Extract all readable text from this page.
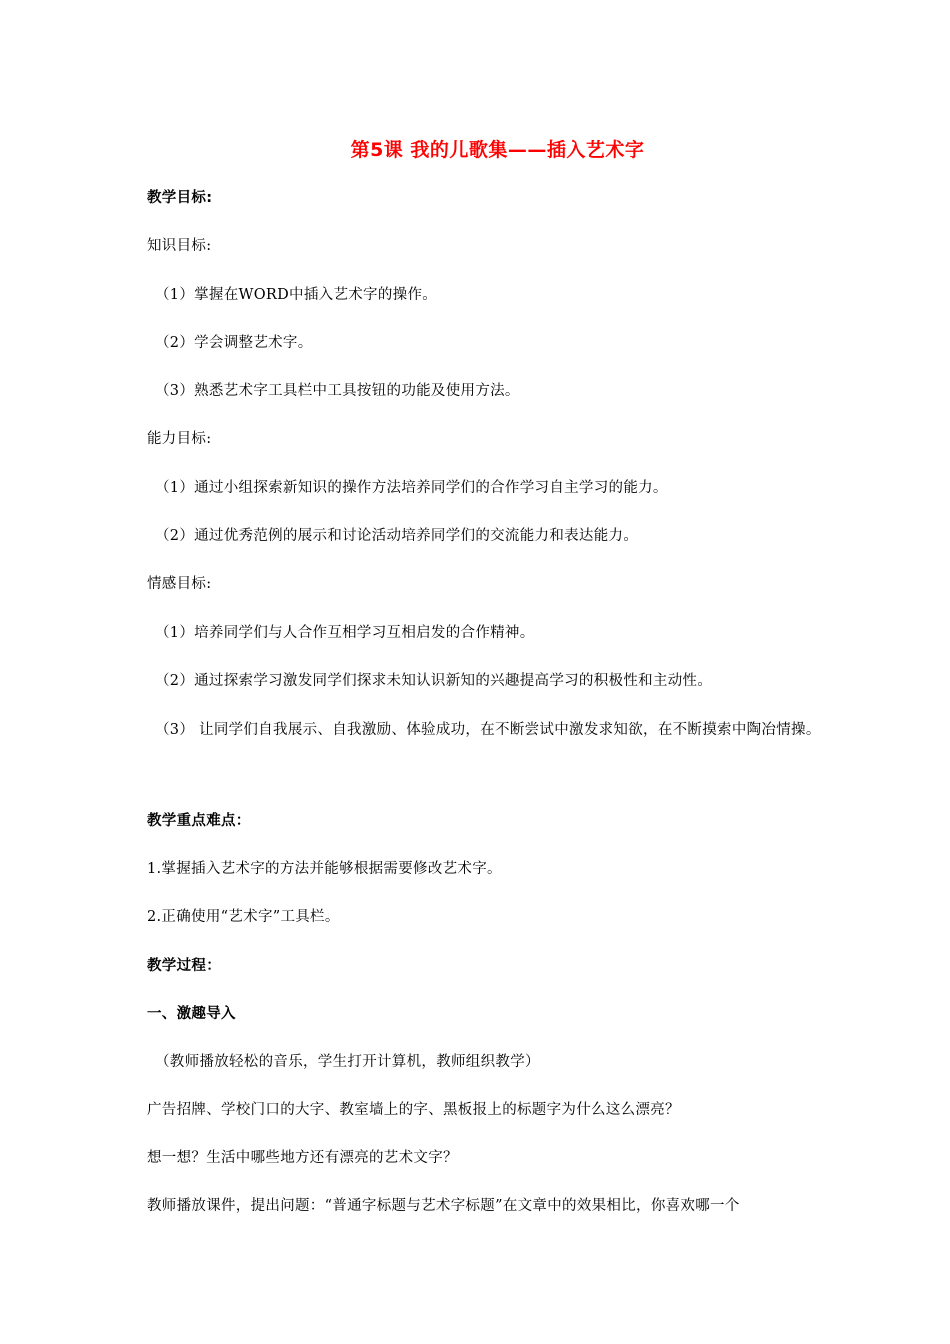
第5课 我的儿歌集——插入艺术字
教学目标:
知识目标:
（1）掌握在WORD中插入艺术字的操作。
（2）学会调整艺术字。
（3）熟悉艺术字工具栏中工具按钮的功能及使用方法。
能力目标:
（1）通过小组探索新知识的操作方法培养同学们的合作学习自主学习的能力。
（2）通过优秀范例的展示和讨论活动培养同学们的交流能力和表达能力。
情感目标:
（1）培养同学们与人合作互相学习互相启发的合作精神。
（2）通过探索学习激发同学们探求未知认识新知的兴趣提高学习的积极性和主动性。
（3） 让同学们自我展示、自我激励、体验成功，在不断尝试中激发求知欲，在不断摸索中陶冶情操。
教学重点难点：
1.掌握插入艺术字的方法并能够根据需要修改艺术字。
2.正确使用“艺术字”工具栏。
教学过程：
一、激趣导入
（教师播放轻松的音乐，学生打开计算机，教师组织教学）
广告招牌、学校门口的大字、教室墙上的字、黑板报上的标题字为什么这么漂亮？
想一想？生活中哪些地方还有漂亮的艺术文字？
教师播放课件，提出问题：“普通字标题与艺术字标题”在文章中的效果相比，你喜欢哪一个
